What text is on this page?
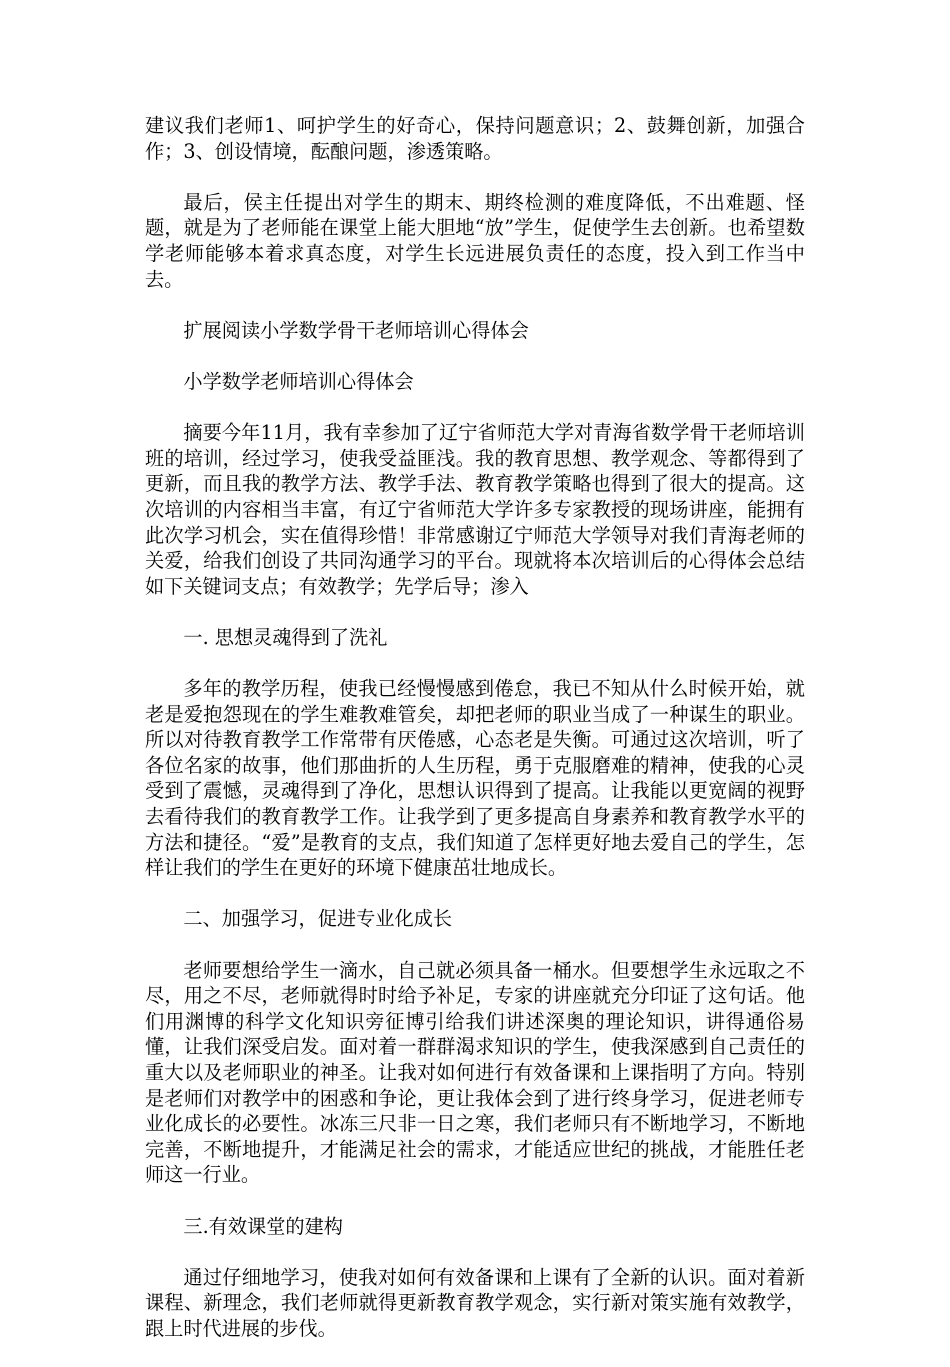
建议我们老师1、呵护学生的好奇心，保持问题意识；2、鼓舞创新，加强合作；3、创设情境，酝酿问题，渗透策略。

最后，侯主任提出对学生的期末、期终检测的难度降低，不出难题、怪题，就是为了老师能在课堂上能大胆地“放”学生，促使学生去创新。也希望数学老师能够本着求真态度，对学生长远进展负责任的态度，投入到工作当中去。

扩展阅读小学数学骨干老师培训心得体会

小学数学老师培训心得体会

摘要今年11月，我有幸参加了辽宁省师范大学对青海省数学骨干老师培训班的培训，经过学习，使我受益匪浅。我的教育思想、教学观念、等都得到了更新，而且我的教学方法、教学手法、教育教学策略也得到了很大的提高。这次培训的内容相当丰富，有辽宁省师范大学许多专家教授的现场讲座，能拥有此次学习机会，实在值得珍惜！非常感谢辽宁师范大学领导对我们青海老师的关爱，给我们创设了共同沟通学习的平台。现就将本次培训后的心得体会总结如下关键词支点；有效教学；先学后导；渗入

一. 思想灵魂得到了洗礼

多年的教学历程，使我已经慢慢感到倦怠，我已不知从什么时候开始，就老是爱抱怨现在的学生难教难管矣，却把老师的职业当成了一种谋生的职业。所以对待教育教学工作常带有厌倦感，心态老是失衡。可通过这次培训，听了各位名家的故事，他们那曲折的人生历程，勇于克服磨难的精神，使我的心灵受到了震憾，灵魂得到了净化，思想认识得到了提高。让我能以更宽阔的视野去看待我们的教育教学工作。让我学到了更多提高自身素养和教育教学水平的方法和捷径。“爱”是教育的支点，我们知道了怎样更好地去爱自己的学生，怎样让我们的学生在更好的环境下健康茁壮地成长。

二、加强学习，促进专业化成长

老师要想给学生一滴水，自己就必须具备一桶水。但要想学生永远取之不尽，用之不尽，老师就得时时给予补足，专家的讲座就充分印证了这句话。他们用渊博的科学文化知识旁征博引给我们讲述深奥的理论知识，讲得通俗易懂，让我们深受启发。面对着一群群渴求知识的学生，使我深感到自己责任的重大以及老师职业的神圣。让我对如何进行有效备课和上课指明了方向。特别是老师们对教学中的困惑和争论，更让我体会到了进行终身学习，促进老师专业化成长的必要性。冰冻三尺非一日之寒，我们老师只有不断地学习，不断地完善，不断地提升，才能满足社会的需求，才能适应世纪的挑战，才能胜任老师这一行业。

三.有效课堂的建构

通过仔细地学习，使我对如何有效备课和上课有了全新的认识。面对着新课程、新理念，我们老师就得更新教育教学观念，实行新对策实施有效教学，跟上时代进展的步伐。
